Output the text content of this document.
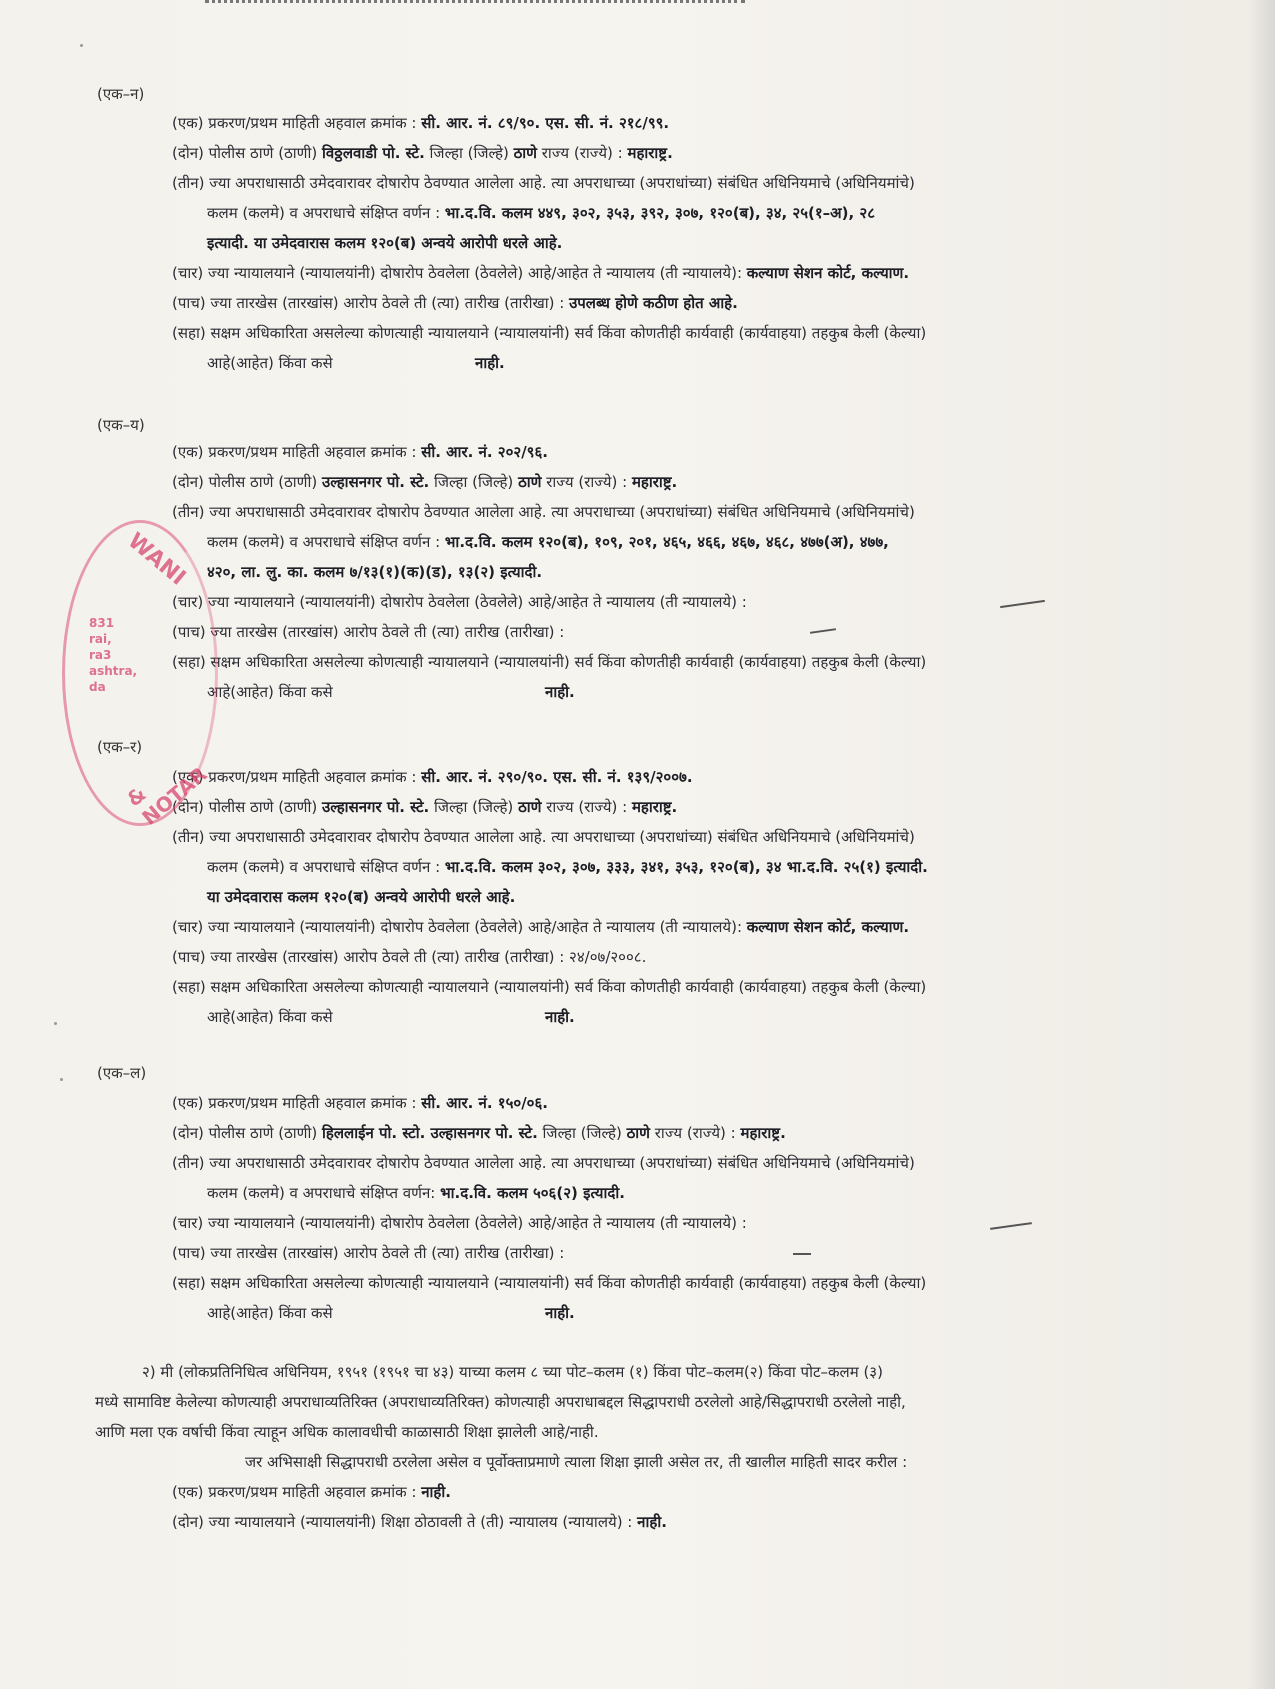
(एक–न)
(एक) प्रकरण/प्रथम माहिती अहवाल क्रमांक : सी. आर. नं. ८९/९०. एस. सी. नं. २१८/९९.
(दोन) पोलीस ठाणे (ठाणी) विठ्ठलवाडी पो. स्टे. जिल्हा (जिल्हे) ठाणे राज्य (राज्ये) : महाराष्ट्र.
(तीन) ज्या अपराधासाठी उमेदवारावर दोषारोप ठेवण्यात आलेला आहे. त्या अपराधाच्या (अपराधांच्या) संबंधित अधिनियमाचे (अधिनियमांचे)
कलम (कलमे) व अपराधाचे संक्षिप्त वर्णन : भा.द.वि. कलम ४४९, ३०२, ३५३, ३९२, ३०७, १२०(ब), ३४, २५(१–अ), २८
इत्यादी. या उमेदवारास कलम १२०(ब) अन्वये आरोपी धरले आहे.
(चार) ज्या न्यायालयाने (न्यायालयांनी) दोषारोप ठेवलेला (ठेवलेले) आहे/आहेत ते न्यायालय (ती न्यायालये): कल्याण सेशन कोर्ट, कल्याण.
(पाच) ज्या तारखेस (तारखांस) आरोप ठेवले ती (त्या) तारीख (तारीखा) : उपलब्ध होणे कठीण होत आहे.
(सहा) सक्षम अधिकारिता असलेल्या कोणत्याही न्यायालयाने (न्यायालयांनी) सर्व किंवा कोणतीही कार्यवाही (कार्यवाहया) तहकुब केली (केल्या)
आहे(आहेत) किंवा कसे	नाही.
(एक–य)
(एक) प्रकरण/प्रथम माहिती अहवाल क्रमांक : सी. आर. नं. २०२/९६.
(दोन) पोलीस ठाणे (ठाणी) उल्हासनगर पो. स्टे. जिल्हा (जिल्हे) ठाणे राज्य (राज्ये) : महाराष्ट्र.
(तीन) ज्या अपराधासाठी उमेदवारावर दोषारोप ठेवण्यात आलेला आहे. त्या अपराधाच्या (अपराधांच्या) संबंधित अधिनियमाचे (अधिनियमांचे)
कलम (कलमे) व अपराधाचे संक्षिप्त वर्णन : भा.द.वि. कलम १२०(ब), १०९, २०१, ४६५, ४६६, ४६७, ४६८, ४७७(अ), ४७७,
४२०, ला. लु. का. कलम ७/१३(१)(क)(ड), १३(२) इत्यादी.
(चार) ज्या न्यायालयाने (न्यायालयांनी) दोषारोप ठेवलेला (ठेवलेले) आहे/आहेत ते न्यायालय (ती न्यायालये) :
(पाच) ज्या तारखेस (तारखांस) आरोप ठेवले ती (त्या) तारीख (तारीखा) :
(सहा) सक्षम अधिकारिता असलेल्या कोणत्याही न्यायालयाने (न्यायालयांनी) सर्व किंवा कोणतीही कार्यवाही (कार्यवाहया) तहकुब केली (केल्या)
आहे(आहेत) किंवा कसे	नाही.
(एक–र)
(एक) प्रकरण/प्रथम माहिती अहवाल क्रमांक : सी. आर. नं. २९०/९०. एस. सी. नं. १३९/२००७.
(दोन) पोलीस ठाणे (ठाणी) उल्हासनगर पो. स्टे. जिल्हा (जिल्हे) ठाणे राज्य (राज्ये) : महाराष्ट्र.
(तीन) ज्या अपराधासाठी उमेदवारावर दोषारोप ठेवण्यात आलेला आहे. त्या अपराधाच्या (अपराधांच्या) संबंधित अधिनियमाचे (अधिनियमांचे)
कलम (कलमे) व अपराधाचे संक्षिप्त वर्णन : भा.द.वि. कलम ३०२, ३०७, ३३३, ३४१, ३५३, १२०(ब), ३४ भा.द.वि. २५(१) इत्यादी.
या उमेदवारास कलम १२०(ब) अन्वये आरोपी धरले आहे.
(चार) ज्या न्यायालयाने (न्यायालयांनी) दोषारोप ठेवलेला (ठेवलेले) आहे/आहेत ते न्यायालय (ती न्यायालये): कल्याण सेशन कोर्ट, कल्याण.
(पाच) ज्या तारखेस (तारखांस) आरोप ठेवले ती (त्या) तारीख (तारीखा) : २४/०७/२००८.
(सहा) सक्षम अधिकारिता असलेल्या कोणत्याही न्यायालयाने (न्यायालयांनी) सर्व किंवा कोणतीही कार्यवाही (कार्यवाहया) तहकुब केली (केल्या)
आहे(आहेत) किंवा कसे	नाही.
(एक–ल)
(एक) प्रकरण/प्रथम माहिती अहवाल क्रमांक : सी. आर. नं. १५०/०६.
(दोन) पोलीस ठाणे (ठाणी) हिललाईन पो. स्टो. उल्हासनगर पो. स्टे. जिल्हा (जिल्हे) ठाणे राज्य (राज्ये) : महाराष्ट्र.
(तीन) ज्या अपराधासाठी उमेदवारावर दोषारोप ठेवण्यात आलेला आहे. त्या अपराधाच्या (अपराधांच्या) संबंधित अधिनियमाचे (अधिनियमांचे)
कलम (कलमे) व अपराधाचे संक्षिप्त वर्णन: भा.द.वि. कलम ५०६(२) इत्यादी.
(चार) ज्या न्यायालयाने (न्यायालयांनी) दोषारोप ठेवलेला (ठेवलेले) आहे/आहेत ते न्यायालय (ती न्यायालये) :
(पाच) ज्या तारखेस (तारखांस) आरोप ठेवले ती (त्या) तारीख (तारीखा) :
(सहा) सक्षम अधिकारिता असलेल्या कोणत्याही न्यायालयाने (न्यायालयांनी) सर्व किंवा कोणतीही कार्यवाही (कार्यवाहया) तहकुब केली (केल्या)
आहे(आहेत) किंवा कसे	नाही.
२) मी (लोकप्रतिनिधित्व अधिनियम, १९५१ (१९५१ चा ४३) याच्या कलम ८ च्या पोट–कलम (१) किंवा पोट–कलम(२) किंवा पोट–कलम (३)
मध्ये सामाविष्ट केलेल्या कोणत्याही अपराधाव्यतिरिक्त (अपराधाव्यतिरिक्त) कोणत्याही अपराधाबद्दल सिद्धापराधी ठरलेलो आहे/सिद्धापराधी ठरलेलो नाही,
आणि मला एक वर्षाची किंवा त्याहून अधिक कालावधीची काळासाठी शिक्षा झालेली आहे/नाही.
जर अभिसाक्षी सिद्धापराधी ठरलेला असेल व पूर्वोक्ताप्रमाणे त्याला शिक्षा झाली असेल तर, ती खालील माहिती सादर करील :
(एक) प्रकरण/प्रथम माहिती अहवाल क्रमांक : नाही.
(दोन) ज्या न्यायालयाने (न्यायालयांनी) शिक्षा ठोठावली ते (ती) न्यायालय (न्यायालये) : नाही.
WANI
831
rai,
ra3
ashtra,
da
& NOTAR
